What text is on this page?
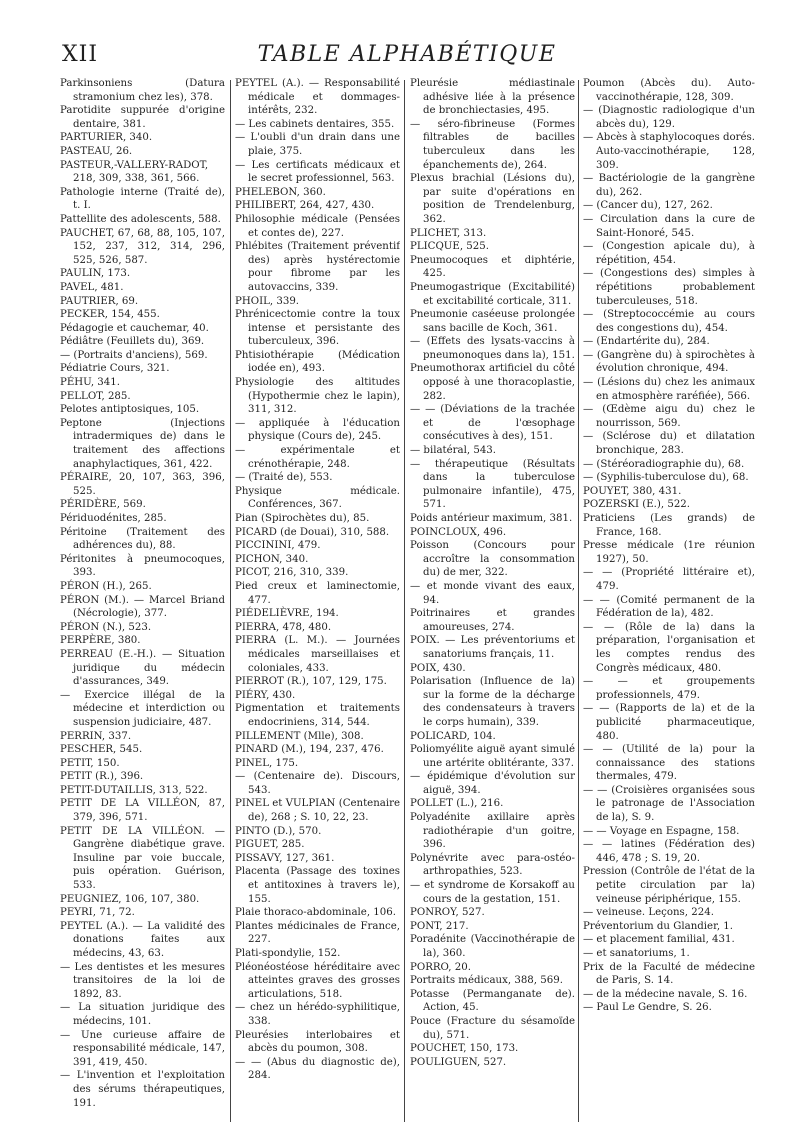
XII	TABLE ALPHABÉTIQUE

Parkinsoniens (Datura stramonium chez les), 378.

Parotidite suppurée d'origine dentaire, 381.

PARTURIER, 340.

PASTEAU, 26.

PASTEUR,-VALLERY-RADOT, 218, 309, 338, 361, 566.

Pathologie interne (Traité de), t. I.

Pattellite des adolescents, 588.

PAUCHET, 67, 68, 88, 105, 107, 152, 237, 312, 314, 296, 525, 526, 587.

PAULIN, 173.

PAVEL, 481.

PAUTRIER, 69.

PECKER, 154, 455.

Pédagogie et cauchemar, 40.

Pédiâtre (Feuillets du), 369.

— (Portraits d'anciens), 569.

Pédiatrie Cours, 321.

PÉHU, 341.

PELLOT, 285.

Pelotes antiptosiques, 105.

Peptone (Injections intradermiques de) dans le traitement des affections anaphylactiques, 361, 422.

PÉRAIRE, 20, 107, 363, 396, 525.

PÉRIDÈRE, 569.

Périduodénites, 285.

Péritoine (Traitement des adhérences du), 88.

Péritonites à pneumocoques, 393.

PÉRON (H.), 265.

PÉRON (M.). — Marcel Briand (Nécrologie), 377.

PÉRON (N.), 523.

PERPÈRE, 380.

PERREAU (E.-H.). — Situation juridique du médecin d'assurances, 349.

— Exercice illégal de la médecine et interdiction ou suspension judiciaire, 487.

PERRIN, 337.

PESCHER, 545.

PETIT, 150.

PETIT (R.), 396.

PETIT-DUTAILLIS, 313, 522.

PETIT DE LA VILLÉON, 87, 379, 396, 571.

PETIT DE LA VILLÉON. — Gangrène diabétique grave. Insuline par voie buccale, puis opération. Guérison, 533.

PEUGNIEZ, 106, 107, 380.

PEYRI, 71, 72.

PEYTEL (A.). — La validité des donations faites aux médecins, 43, 63.

— Les dentistes et les mesures transitoires de la loi de 1892, 83.

— La situation juridique des médecins, 101.

— Une curieuse affaire de responsabilité médicale, 147, 391, 419, 450.

— L'invention et l'exploitation des sérums thérapeutiques, 191.

PEYTEL (A.). — Responsabilité médicale et dommages-intérêts, 232.

— Les cabinets dentaires, 355.

— L'oubli d'un drain dans une plaie, 375.

— Les certificats médicaux et le secret professionnel, 563.

PHELEBON, 360.

PHILIBERT, 264, 427, 430.

Philosophie médicale (Pensées et contes de), 227.

Phlébites (Traitement préventif des) après hystérectomie pour fibrome par les autovaccins, 339.

PHOIL, 339.

Phrénicectomie contre la toux intense et persistante des tuberculeux, 396.

Phtisiothérapie (Médication iodée en), 493.

Physiologie des altitudes (Hypothermie chez le lapin), 311, 312.

— appliquée à l'éducation physique (Cours de), 245.

— expérimentale et crénothérapie, 248.

— (Traité de), 553.

Physique médicale. Conférences, 367.

Pian (Spirochètes du), 85.

PICARD (de Douai), 310, 588.

PICCININI, 479.

PICHON, 340.

PICOT, 216, 310, 339.

Pied creux et laminectomie, 477.

PIÉDELIÈVRE, 194.

PIERRA, 478, 480.

PIERRA (L. M.). — Journées médicales marseillaises et coloniales, 433.

PIERROT (R.), 107, 129, 175.

PIÉRY, 430.

Pigmentation et traitements endocriniens, 314, 544.

PILLEMENT (Mlle), 308.

PINARD (M.), 194, 237, 476.

PINEL, 175.

— (Centenaire de). Discours, 543.

PINEL et VULPIAN (Centenaire de), 268 ; S. 10, 22, 23.

PINTO (D.), 570.

PIGUET, 285.

PISSAVY, 127, 361.

Placenta (Passage des toxines et antitoxines à travers le), 155.

Plaie thoraco-abdominale, 106.

Plantes médicinales de France, 227.

Plati-spondylie, 152.

Pléonéostéose héréditaire avec atteintes graves des grosses articulations, 518.

— chez un hérédo-syphilitique, 338.

Pleurésies interlobaires et abcès du poumon, 308.

— — (Abus du diagnostic de), 284.

Pleurésie médiastinale adhésive liée à la présence de bronchiectasies, 495.

— séro-fibrineuse (Formes filtrables de bacilles tuberculeux dans les épanchements de), 264.

Plexus brachial (Lésions du), par suite d'opérations en position de Trendelenburg, 362.

PLICHET, 313.

PLICQUE, 525.

Pneumocoques et diphtérie, 425.

Pneumogastrique (Excitabilité) et excitabilité corticale, 311.

Pneumonie caséeuse prolongée sans bacille de Koch, 361.

— (Effets des lysats-vaccins à pneumonoques dans la), 151.

Pneumothorax artificiel du côté opposé à une thoracoplastie, 282.

— — (Déviations de la trachée et de l'œsophage consécutives à des), 151.

— bilatéral, 543.

— thérapeutique (Résultats dans la tuberculose pulmonaire infantile), 475, 571.

Poids antérieur maximum, 381.

POINCLOUX, 496.

Poisson (Concours pour accroître la consommation du) de mer, 322.

— et monde vivant des eaux, 94.

Poitrinaires et grandes amoureuses, 274.

POIX. — Les préventoriums et sanatoriums français, 11.

POIX, 430.

Polarisation (Influence de la) sur la forme de la décharge des condensateurs à travers le corps humain), 339.

POLICARD, 104.

Poliomyélite aiguë ayant simulé une artérite oblitérante, 337.

— épidémique d'évolution sur aiguë, 394.

POLLET (L.), 216.

Polyadénite axillaire après radiothérapie d'un goitre, 396.

Polynévrite avec para-ostéo-arthropathies, 523.

— et syndrome de Korsakoff au cours de la gestation, 151.

PONROY, 527.

PONT, 217.

Poradénite (Vaccinothérapie de la), 360.

PORRO, 20.

Portraits médicaux, 388, 569.

Potasse (Permanganate de). Action, 45.

Pouce (Fracture du sésamoïde du), 571.

POUCHET, 150, 173.

POULIGUEN, 527.

Poumon (Abcès du). Auto-vaccinothérapie, 128, 309.

— (Diagnostic radiologique d'un abcès du), 129.

— Abcès à staphylocoques dorés. Auto-vaccinothérapie, 128, 309.

— Bactériologie de la gangrène du), 262.

— (Cancer du), 127, 262.

— Circulation dans la cure de Saint-Honoré, 545.

— (Congestion apicale du), à répétition, 454.

— (Congestions des) simples à répétitions probablement tuberculeuses, 518.

— (Streptococcémie au cours des congestions du), 454.

— (Endartérite du), 284.

— (Gangrène du) à spirochètes à évolution chronique, 494.

— (Lésions du) chez les animaux en atmosphère raréfiée), 566.

— (Œdème aigu du) chez le nourrisson, 569.

— (Sclérose du) et dilatation bronchique, 283.

— (Stéréoradiographie du), 68.

— (Syphilis-tuberculose du), 68.

POUYET, 380, 431.

POZERSKI (E.), 522.

Praticiens (Les grands) de France, 168.

Presse médicale (1re réunion 1927), 50.

— — (Propriété littéraire et), 479.

— — (Comité permanent de la Fédération de la), 482.

— — (Rôle de la) dans la préparation, l'organisation et les comptes rendus des Congrès médicaux, 480.

— — et groupements professionnels, 479.

— — (Rapports de la) et de la publicité pharmaceutique, 480.

— — (Utilité de la) pour la connaissance des stations thermales, 479.

— — (Croisières organisées sous le patronage de l'Association de la), S. 9.

— — Voyage en Espagne, 158.

— — latines (Fédération des) 446, 478 ; S. 19, 20.

Pression (Contrôle de l'état de la petite circulation par la) veineuse périphérique, 155.

— veineuse. Leçons, 224.

Préventorium du Glandier, 1.

— et placement familial, 431.

— et sanatoriums, 1.

Prix de la Faculté de médecine de Paris, S. 14.

— de la médecine navale, S. 16.

— Paul Le Gendre, S. 26.
